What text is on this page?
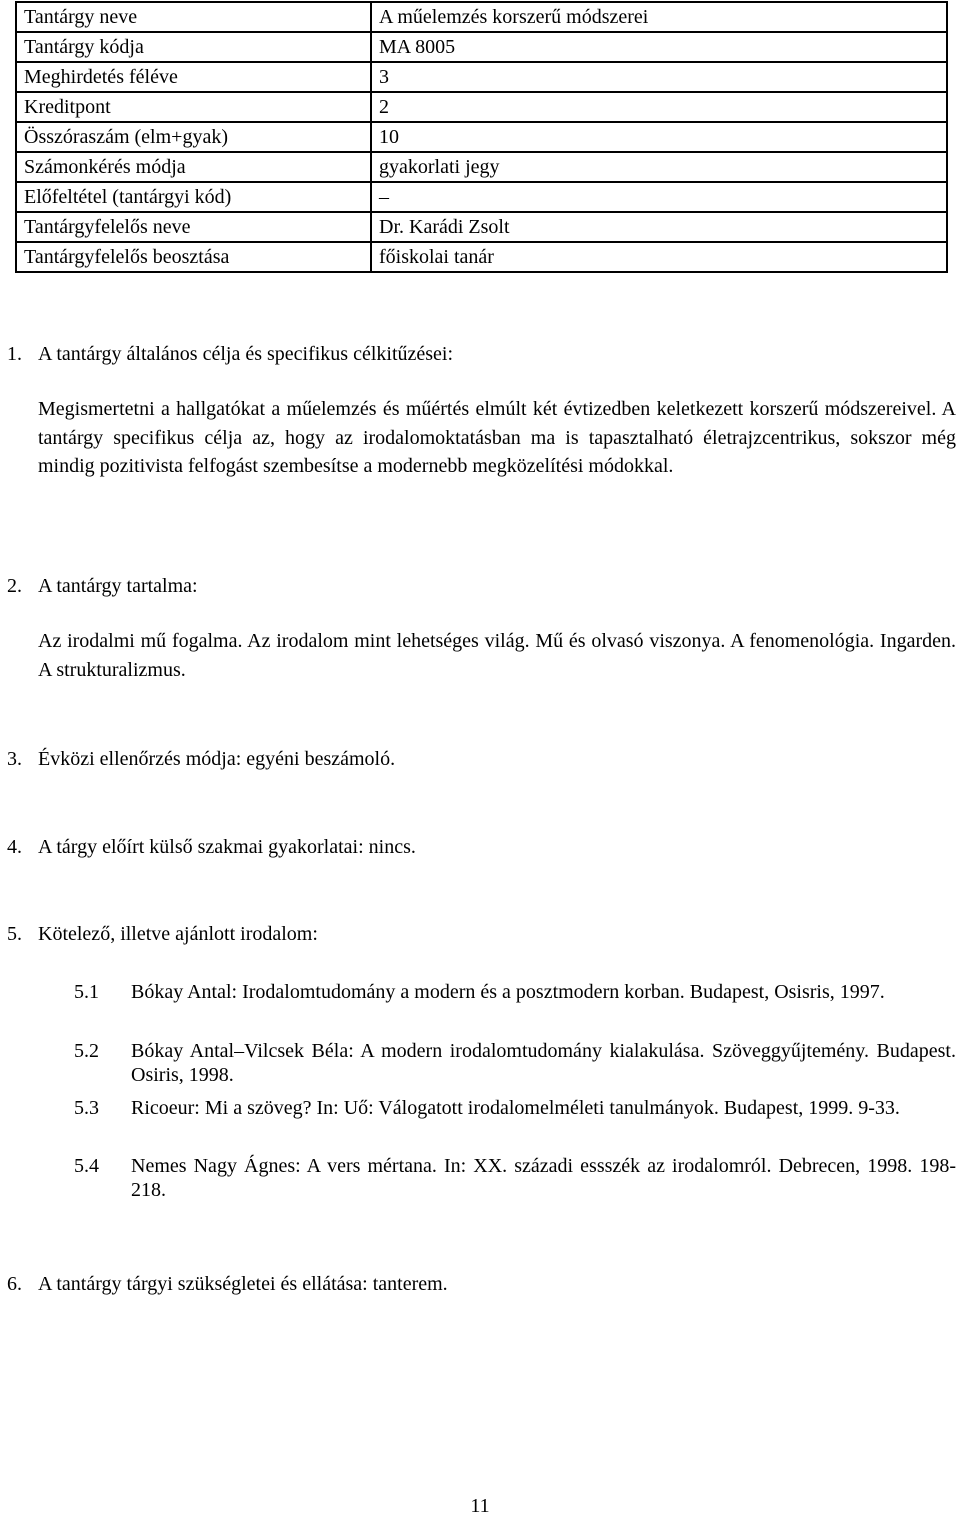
Tantárgy neve	A műelemzés korszerű módszerei
Tantárgy kódja	MA 8005
Meghirdetés féléve	3
Kreditpont	2
Összóraszám (elm+gyak)	10
Számonkérés módja	gyakorlati jegy
Előfeltétel (tantárgyi kód)	–
Tantárgyfelelős neve	Dr. Karádi Zsolt
Tantárgyfelelős beosztása	főiskolai tanár
1. A tantárgy általános célja és specifikus célkitűzései:
Megismertetni a hallgatókat a műelemzés és műértés elmúlt két évtizedben keletkezett korszerű módszereivel. A tantárgy specifikus célja az, hogy az irodalomoktatásban ma is tapasztalható életrajzcentrikus, sokszor még mindig pozitivista felfogást szembesítse a modernebb megközelítési módokkal.
2. A tantárgy tartalma:
Az irodalmi mű fogalma. Az irodalom mint lehetséges világ. Mű és olvasó viszonya. A fenomenológia. Ingarden. A strukturalizmus.
3. Évközi ellenőrzés módja: egyéni beszámoló.
4. A tárgy előírt külső szakmai gyakorlatai: nincs.
5. Kötelező, illetve ajánlott irodalom:
5.1 Bókay Antal: Irodalomtudomány a modern és a posztmodern korban. Budapest, Osisris, 1997.
5.2 Bókay Antal–Vilcsek Béla: A modern irodalomtudomány kialakulása. Szöveggyűjtemény. Budapest. Osiris, 1998.
5.3 Ricoeur: Mi a szöveg? In: Uő: Válogatott irodalomelméleti tanulmányok. Budapest, 1999. 9-33.
5.4 Nemes Nagy Ágnes: A vers mértana. In: XX. századi essszék az irodalomról. Debrecen, 1998. 198-218.
6. A tantárgy tárgyi szükségletei és ellátása: tanterem.
11
